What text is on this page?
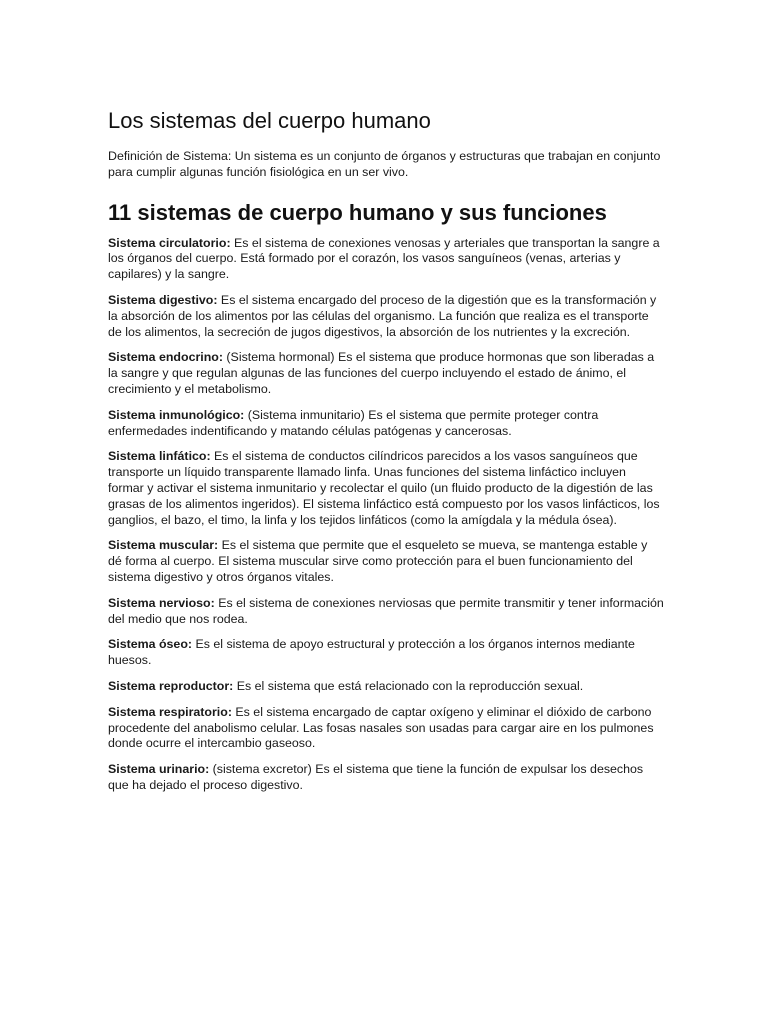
Los sistemas del cuerpo humano

Definición de Sistema: Un sistema es un conjunto de órganos y estructuras que trabajan en conjunto para cumplir algunas función fisiológica en un ser vivo.

11 sistemas de cuerpo humano y sus funciones

Sistema circulatorio: Es el sistema de conexiones venosas y arteriales que transportan la sangre a los órganos del cuerpo. Está formado por el corazón, los vasos sanguíneos (venas, arterias y capilares) y la sangre.

Sistema digestivo: Es el sistema encargado del proceso de la digestión que es la transformación y la absorción de los alimentos por las células del organismo. La función que realiza es el transporte de los alimentos, la secreción de jugos digestivos, la absorción de los nutrientes y la excreción.

Sistema endocrino: (Sistema hormonal) Es el sistema que produce hormonas que son liberadas a la sangre y que regulan algunas de las funciones del cuerpo incluyendo el estado de ánimo, el crecimiento y el metabolismo.

Sistema inmunológico: (Sistema inmunitario) Es el sistema que permite proteger contra enfermedades indentificando y matando células patógenas y cancerosas.

Sistema linfático: Es el sistema de conductos cilíndricos parecidos a los vasos sanguíneos que transporte un líquido transparente llamado linfa. Unas funciones del sistema linfáctico incluyen formar y activar el sistema inmunitario y recolectar el quilo (un fluido producto de la digestión de las grasas de los alimentos ingeridos). El sistema linfáctico está compuesto por los vasos linfácticos, los ganglios, el bazo, el timo, la linfa y los tejidos linfáticos (como la amígdala y la médula ósea).

Sistema muscular: Es el sistema que permite que el esqueleto se mueva, se mantenga estable y dé forma al cuerpo. El sistema muscular sirve como protección para el buen funcionamiento del sistema digestivo y otros órganos vitales.

Sistema nervioso: Es el sistema de conexiones nerviosas que permite transmitir y tener información del medio que nos rodea.

Sistema óseo: Es el sistema de apoyo estructural y protección a los órganos internos mediante huesos.

Sistema reproductor: Es el sistema que está relacionado con la reproducción sexual.

Sistema respiratorio: Es el sistema encargado de captar oxígeno y eliminar el dióxido de carbono procedente del anabolismo celular. Las fosas nasales son usadas para cargar aire en los pulmones donde ocurre el intercambio gaseoso.

Sistema urinario: (sistema excretor) Es el sistema que tiene la función de expulsar los desechos que ha dejado el proceso digestivo.
